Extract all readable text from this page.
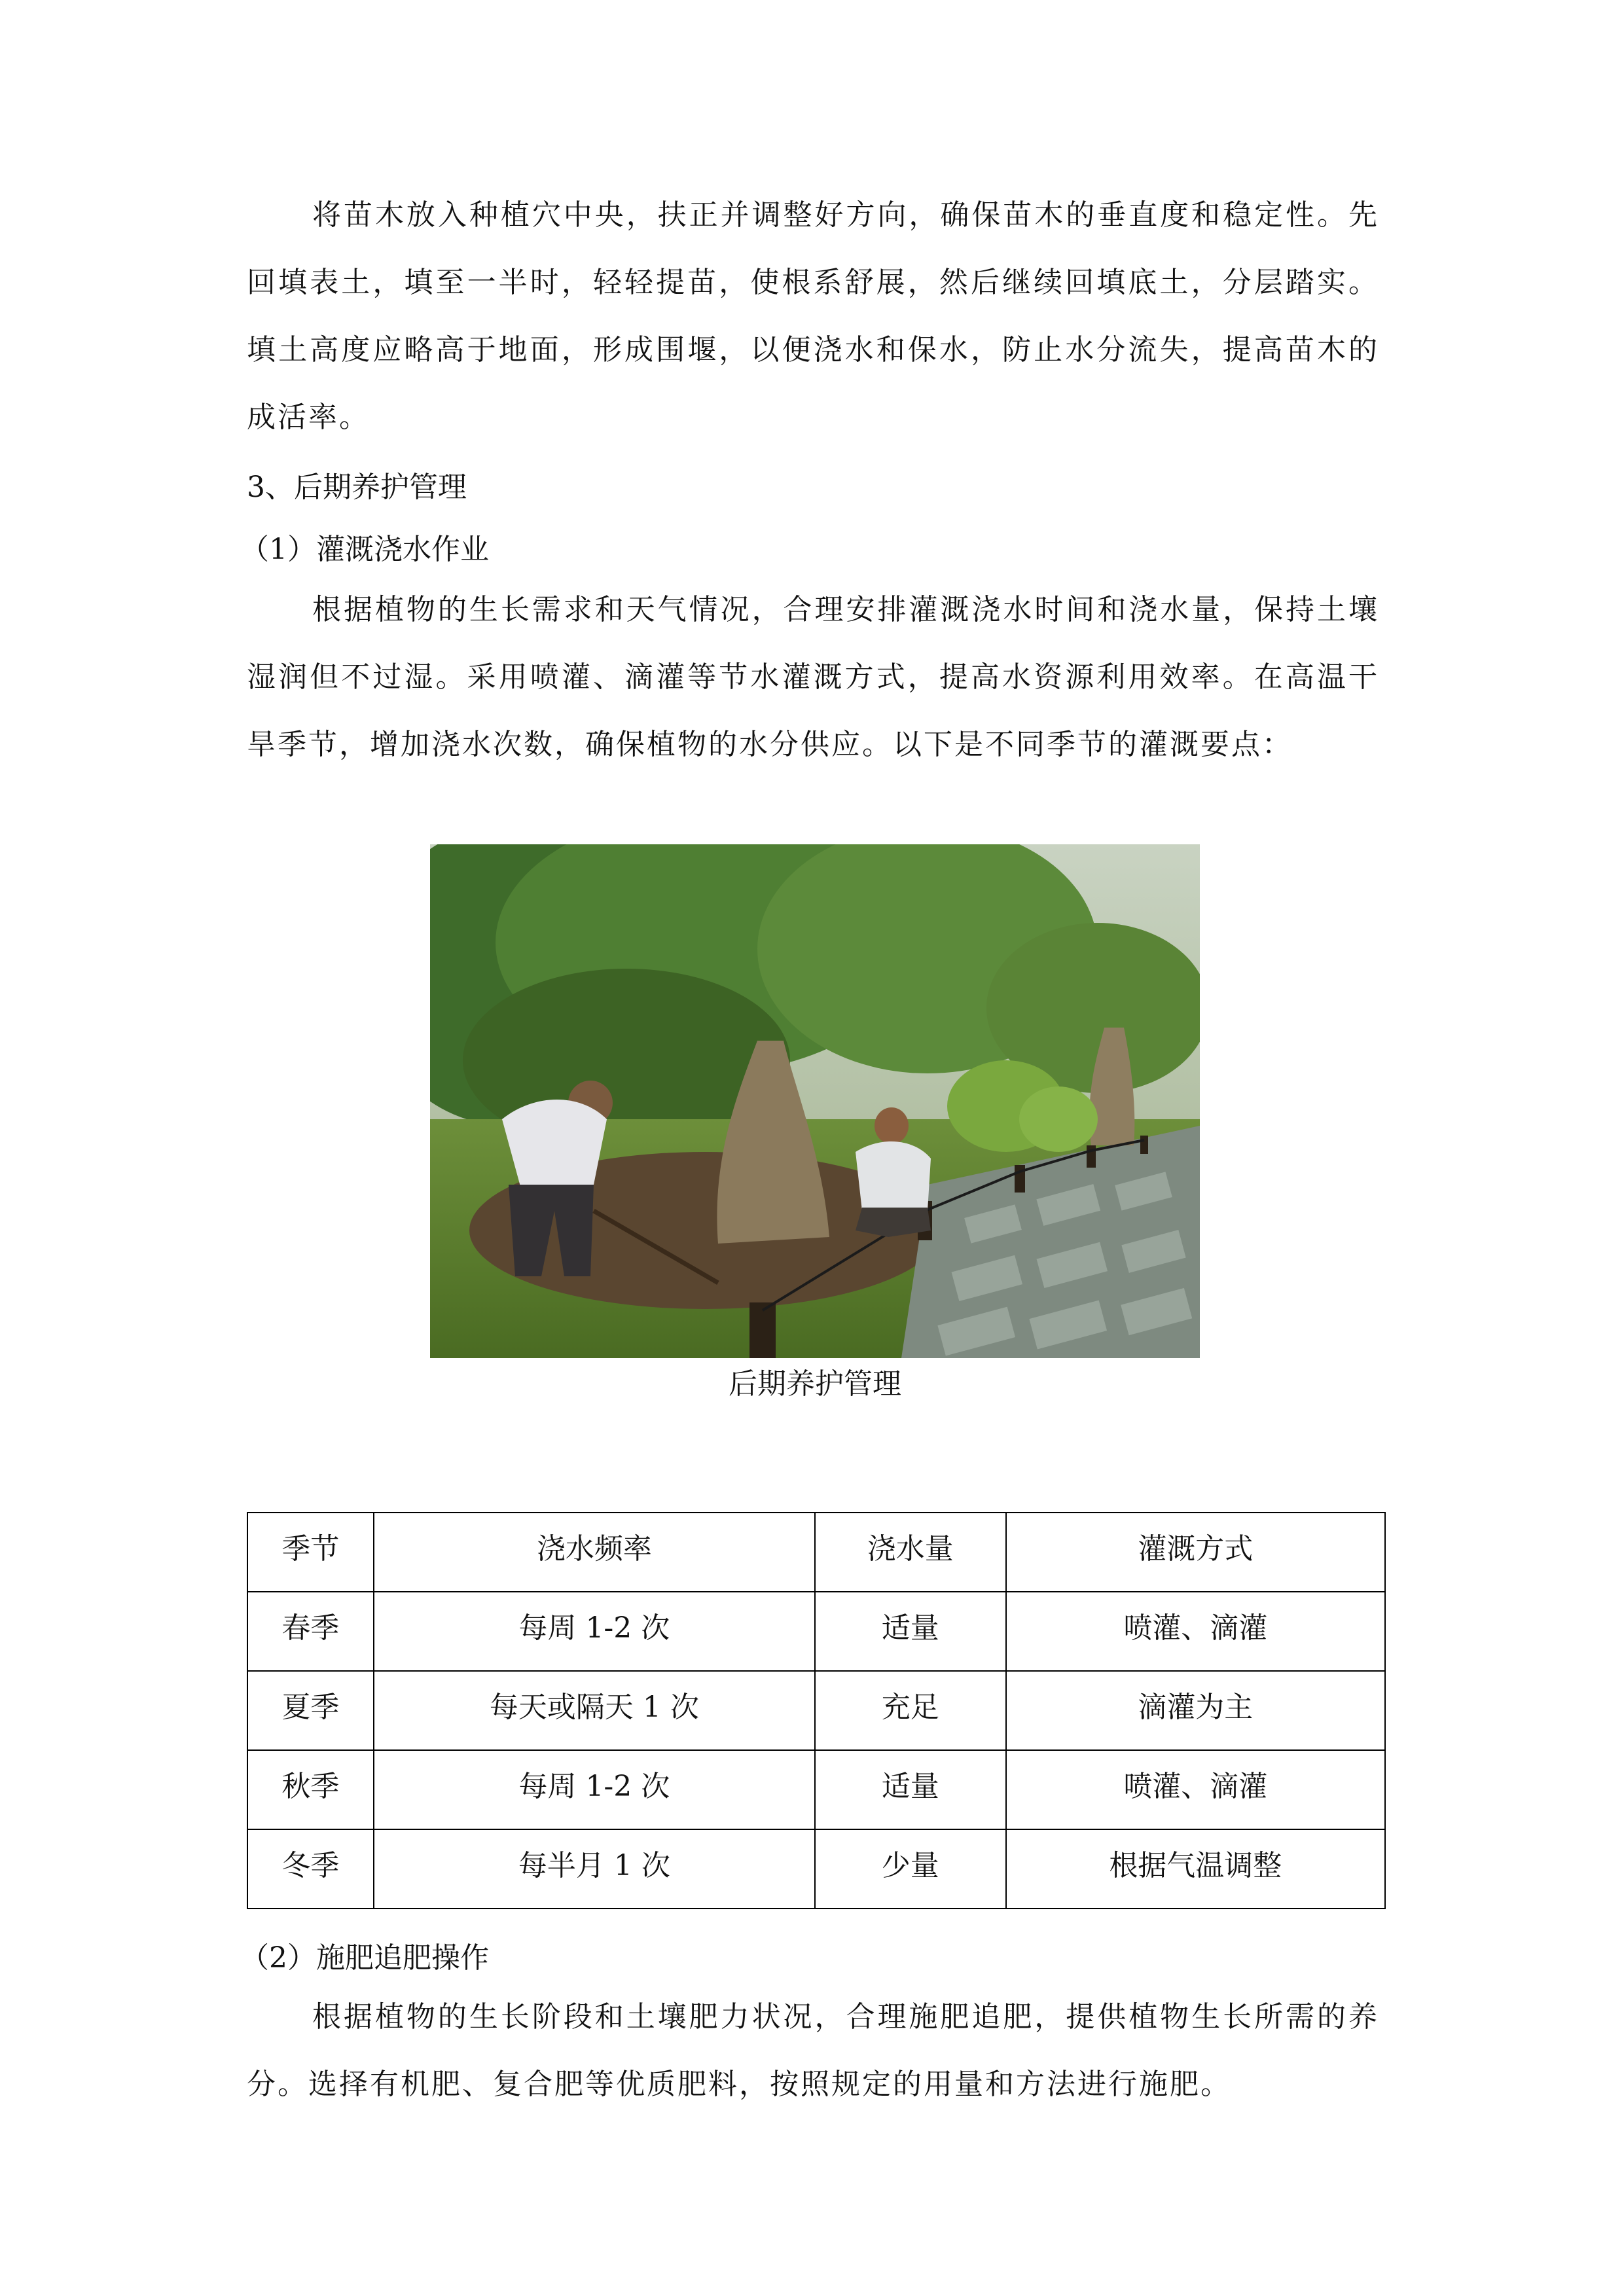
将苗木放入种植穴中央，扶正并调整好方向，确保苗木的垂直度和稳定性。先回填表土，填至一半时，轻轻提苗，使根系舒展，然后继续回填底土，分层踏实。填土高度应略高于地面，形成围堰，以便浇水和保水，防止水分流失，提高苗木的成活率。

3、后期养护管理
（1）灌溉浇水作业

根据植物的生长需求和天气情况，合理安排灌溉浇水时间和浇水量，保持土壤湿润但不过湿。采用喷灌、滴灌等节水灌溉方式，提高水资源利用效率。在高温干旱季节，增加浇水次数，确保植物的水分供应。以下是不同季节的灌溉要点：

后期养护管理
季节	浇水频率	浇水量	灌溉方式
春季	每周 1-2 次	适量	喷灌、滴灌
夏季	每天或隔天 1 次	充足	滴灌为主
秋季	每周 1-2 次	适量	喷灌、滴灌
冬季	每半月 1 次	少量	根据气温调整
（2）施肥追肥操作

根据植物的生长阶段和土壤肥力状况，合理施肥追肥，提供植物生长所需的养分。选择有机肥、复合肥等优质肥料，按照规定的用量和方法进行施肥。
